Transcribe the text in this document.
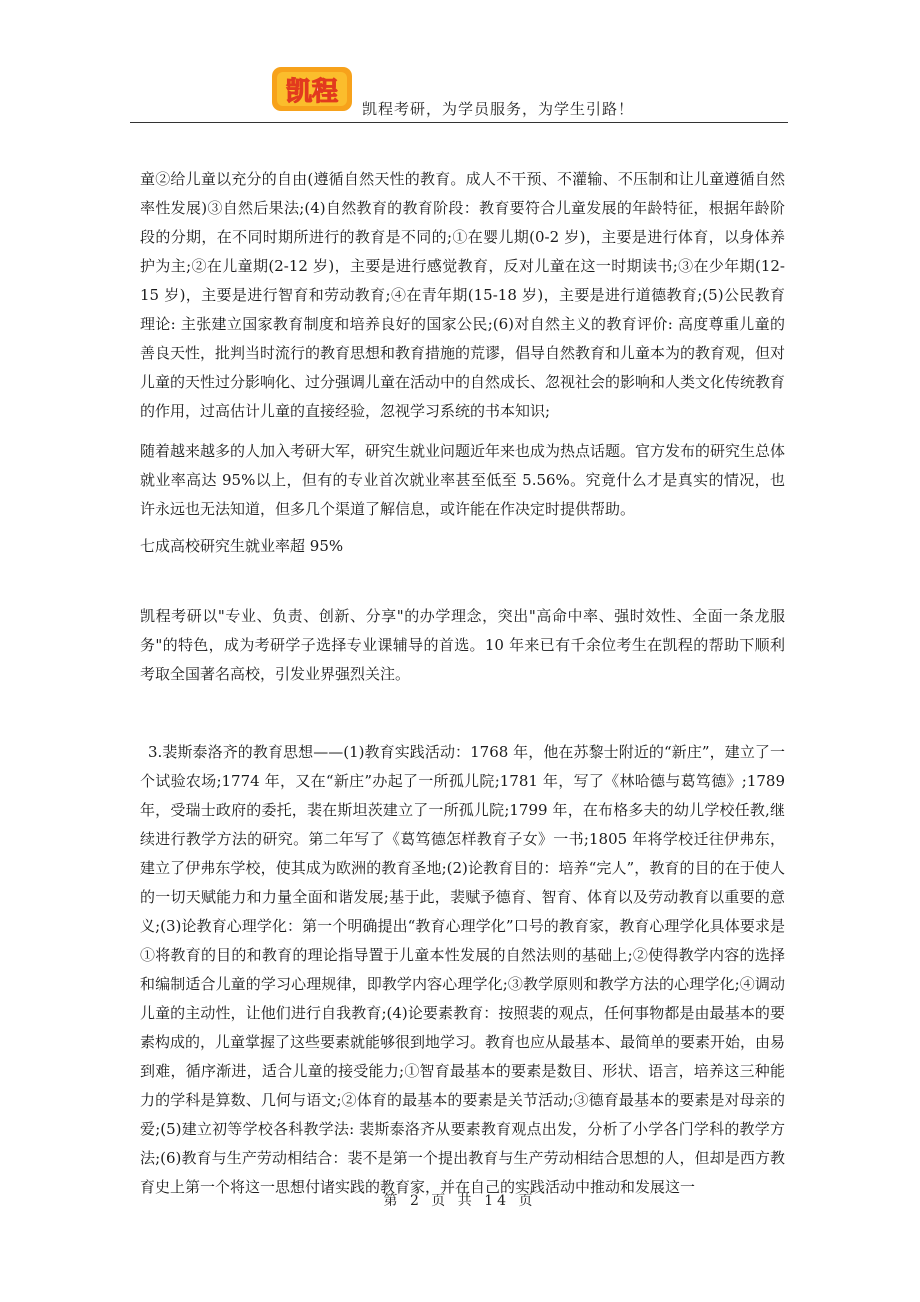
凯程
凯程考研，为学员服务，为学生引路！

童②给儿童以充分的自由(遵循自然天性的教育。成人不干预、不灌输、不压制和让儿童遵循自然率性发展)③自然后果法;(4)自然教育的教育阶段：教育要符合儿童发展的年龄特征，根据年龄阶段的分期，在不同时期所进行的教育是不同的;①在婴儿期(0-2 岁)，主要是进行体育，以身体养护为主;②在儿童期(2-12 岁)，主要是进行感觉教育，反对儿童在这一时期读书;③在少年期(12-15 岁)，主要是进行智育和劳动教育;④在青年期(15-18 岁)，主要是进行道德教育;(5)公民教育理论: 主张建立国家教育制度和培养良好的国家公民;(6)对自然主义的教育评价: 高度尊重儿童的善良天性，批判当时流行的教育思想和教育措施的荒谬，倡导自然教育和儿童本为的教育观，但对儿童的天性过分影响化、过分强调儿童在活动中的自然成长、忽视社会的影响和人类文化传统教育的作用，过高估计儿童的直接经验，忽视学习系统的书本知识;

随着越来越多的人加入考研大军，研究生就业问题近年来也成为热点话题。官方发布的研究生总体就业率高达 95%以上，但有的专业首次就业率甚至低至 5.56%。究竟什么才是真实的情况，也许永远也无法知道，但多几个渠道了解信息，或许能在作决定时提供帮助。

七成高校研究生就业率超 95%

凯程考研以"专业、负责、创新、分享"的办学理念，突出"高命中率、强时效性、全面一条龙服务"的特色，成为考研学子选择专业课辅导的首选。10 年来已有千余位考生在凯程的帮助下顺利考取全国著名高校，引发业界强烈关注。

3.裴斯泰洛齐的教育思想——(1)教育实践活动：1768 年，他在苏黎士附近的“新庄”，建立了一个试验农场;1774 年，又在“新庄”办起了一所孤儿院;1781 年，写了《林哈德与葛笃德》;1789 年，受瑞士政府的委托，裴在斯坦茨建立了一所孤儿院;1799 年，在布格多夫的幼儿学校任教,继续进行教学方法的研究。第二年写了《葛笃德怎样教育子女》一书;1805 年将学校迁往伊弗东，建立了伊弗东学校，使其成为欧洲的教育圣地;(2)论教育目的：培养“完人”，教育的目的在于使人的一切天赋能力和力量全面和谐发展;基于此，裴赋予德育、智育、体育以及劳动教育以重要的意义;(3)论教育心理学化：第一个明确提出“教育心理学化”口号的教育家，教育心理学化具体要求是①将教育的目的和教育的理论指导置于儿童本性发展的自然法则的基础上;②使得教学内容的选择和编制适合儿童的学习心理规律，即教学内容心理学化;③教学原则和教学方法的心理学化;④调动儿童的主动性，让他们进行自我教育;(4)论要素教育：按照裴的观点，任何事物都是由最基本的要素构成的，儿童掌握了这些要素就能够很到地学习。教育也应从最基本、最简单的要素开始，由易到难，循序渐进，适合儿童的接受能力;①智育最基本的要素是数目、形状、语言，培养这三种能力的学科是算数、几何与语文;②体育的最基本的要素是关节活动;③德育最基本的要素是对母亲的爱;(5)建立初等学校各科教学法: 裴斯泰洛齐从要素教育观点出发，分析了小学各门学科的教学方法;(6)教育与生产劳动相结合：裴不是第一个提出教育与生产劳动相结合思想的人，但却是西方教育史上第一个将这一思想付诸实践的教育家，并在自己的实践活动中推动和发展这一

第 2 页 共 14 页
